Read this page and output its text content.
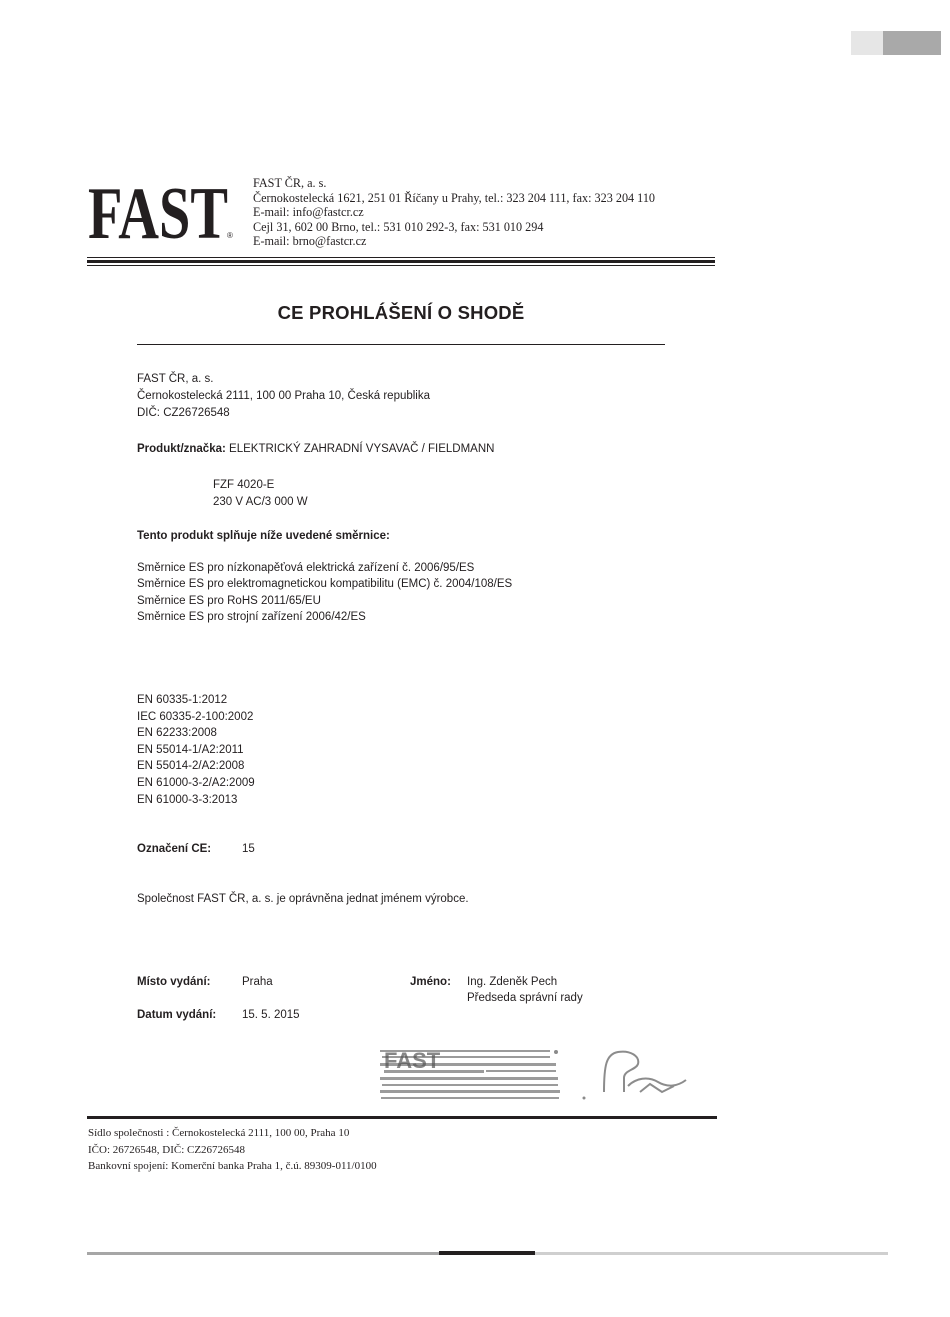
FAST ®
FAST ČR, a. s.
Černokostelecká 1621, 251 01 Říčany u Prahy, tel.: 323 204 111, fax: 323 204 110
E-mail: info@fastcr.cz
Cejl 31, 602 00 Brno, tel.: 531 010 292-3, fax: 531 010 294
E-mail: brno@fastcr.cz
CE PROHLÁŠENÍ O SHODĚ
FAST ČR, a. s.
Černokostelecká 2111, 100 00 Praha 10, Česká republika
DIČ: CZ26726548
Produkt/značka: ELEKTRICKÝ ZAHRADNÍ VYSAVAČ / FIELDMANN
FZF 4020-E
230 V AC/3 000 W
Tento produkt splňuje níže uvedené směrnice:
Směrnice ES pro nízkonapěťová elektrická zařízení č. 2006/95/ES
Směrnice ES pro elektromagnetickou kompatibilitu (EMC) č. 2004/108/ES
Směrnice ES pro RoHS 2011/65/EU
Směrnice ES pro strojní zařízení 2006/42/ES
EN 60335-1:2012
IEC 60335-2-100:2002
EN 62233:2008
EN 55014-1/A2:2011
EN 55014-2/A2:2008
EN 61000-3-2/A2:2009
EN 61000-3-3:2013
Označení CE:	15
Společnost FAST ČR, a. s. je oprávněna jednat jménem výrobce.
Místo vydání:	Praha	Jméno: Ing. Zdeněk Pech
Předseda správní rady
Datum vydání: 15. 5. 2015
FAST
Sídlo společnosti : Černokostelecká 2111, 100 00, Praha 10
IČO: 26726548, DIČ: CZ26726548
Bankovní spojení: Komerční banka Praha 1, č.ú. 89309-011/0100
